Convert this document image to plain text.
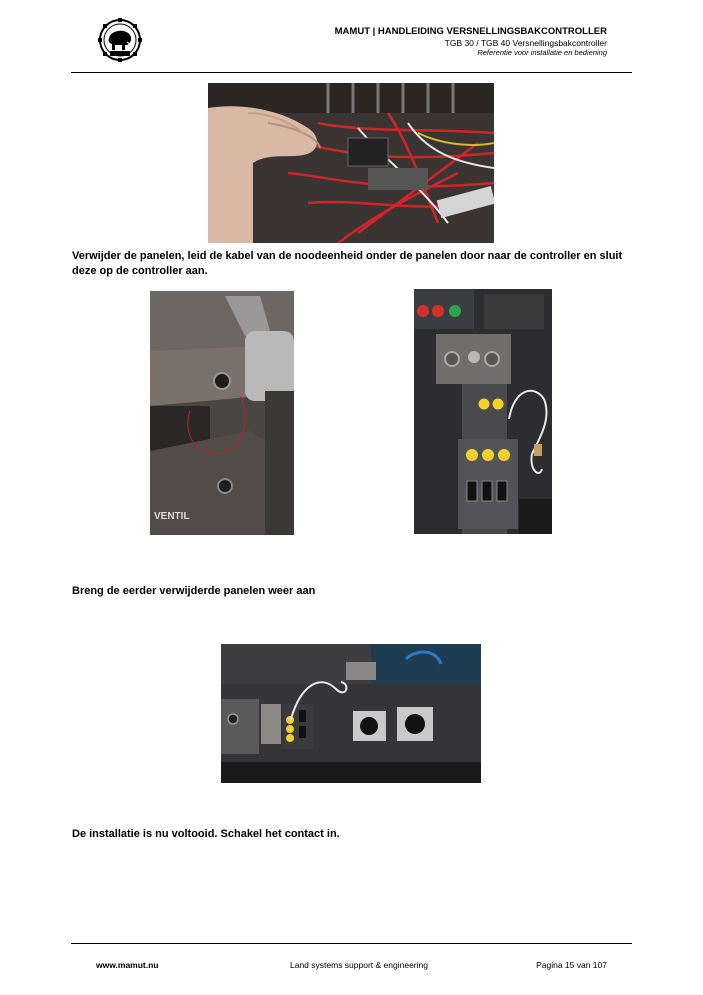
MAMUT | HANDLEIDING VERSNELLINGSBAKCONTROLLER
TGB 30 / TGB 40 Versnellingsbakcontroller
Referentie voor installatie en bediening
Verwijder de panelen, leid de kabel van de noodeenheid onder de panelen door naar de controller en sluit deze op de controller aan.
VENTIL
Breng de eerder verwijderde panelen weer aan
De installatie is nu voltooid. Schakel het contact in.
www.mamut.nu	Land systems support & engineering	Pagina 15 van 107
